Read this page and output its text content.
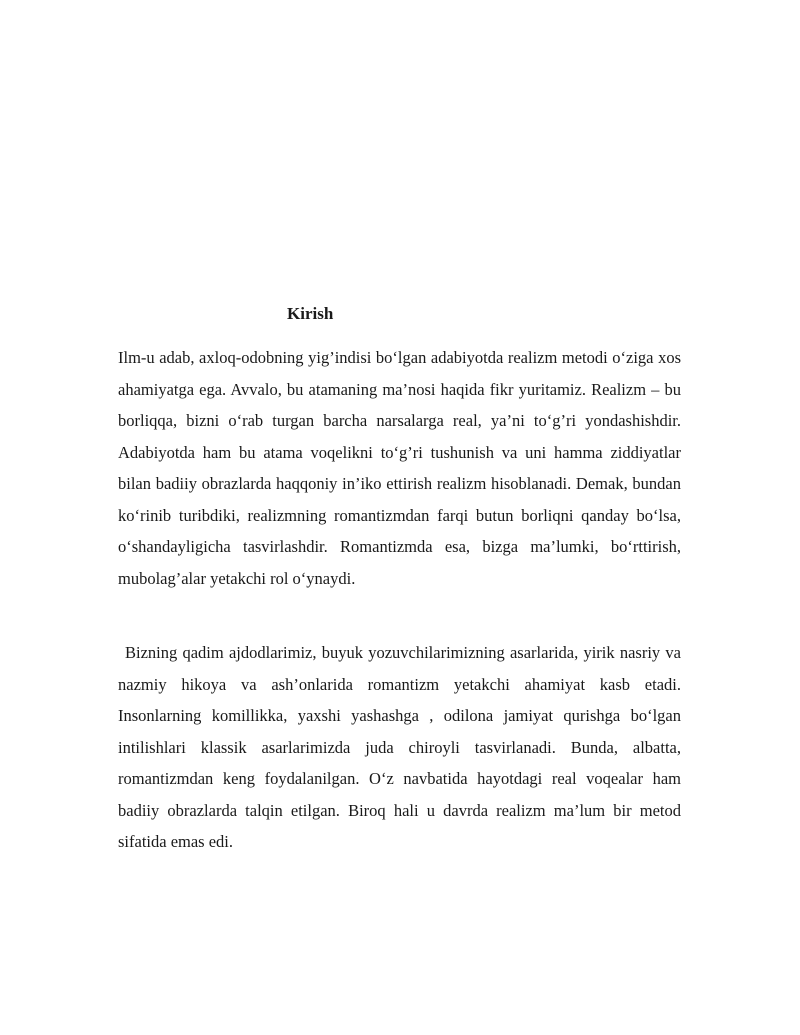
Kirish

Ilm-u adab, axloq-odobning yig’indisi bo‘lgan adabiyotda realizm metodi o‘ziga xos ahamiyatga ega. Avvalo, bu atamaning ma’nosi haqida fikr yuritamiz. Realizm – bu borliqqa, bizni o‘rab turgan barcha narsalarga real, ya’ni to‘g’ri yondashishdir. Adabiyotda ham bu atama voqelikni to‘g’ri tushunish va uni hamma ziddiyatlar bilan badiiy obrazlarda haqqoniy in’iko ettirish realizm hisoblanadi. Demak, bundan ko‘rinib turibdiki, realizmning romantizmdan farqi butun borliqni qanday bo‘lsa, o‘shandayligicha tasvirlashdir. Romantizmda esa, bizga ma’lumki, bo‘rttirish, mubolag’alar yetakchi rol o‘ynaydi.

Bizning qadim ajdodlarimiz, buyuk yozuvchilarimizning asarlarida, yirik nasriy va nazmiy hikoya va ash’onlarida romantizm yetakchi ahamiyat kasb etadi. Insonlarning komillikka, yaxshi yashashga , odilona jamiyat qurishga bo‘lgan intilishlari klassik asarlarimizda juda chiroyli tasvirlanadi. Bunda, albatta, romantizmdan keng foydalanilgan. O‘z navbatida hayotdagi real voqealar ham badiiy obrazlarda talqin etilgan. Biroq hali u davrda realizm ma’lum bir metod sifatida emas edi.
